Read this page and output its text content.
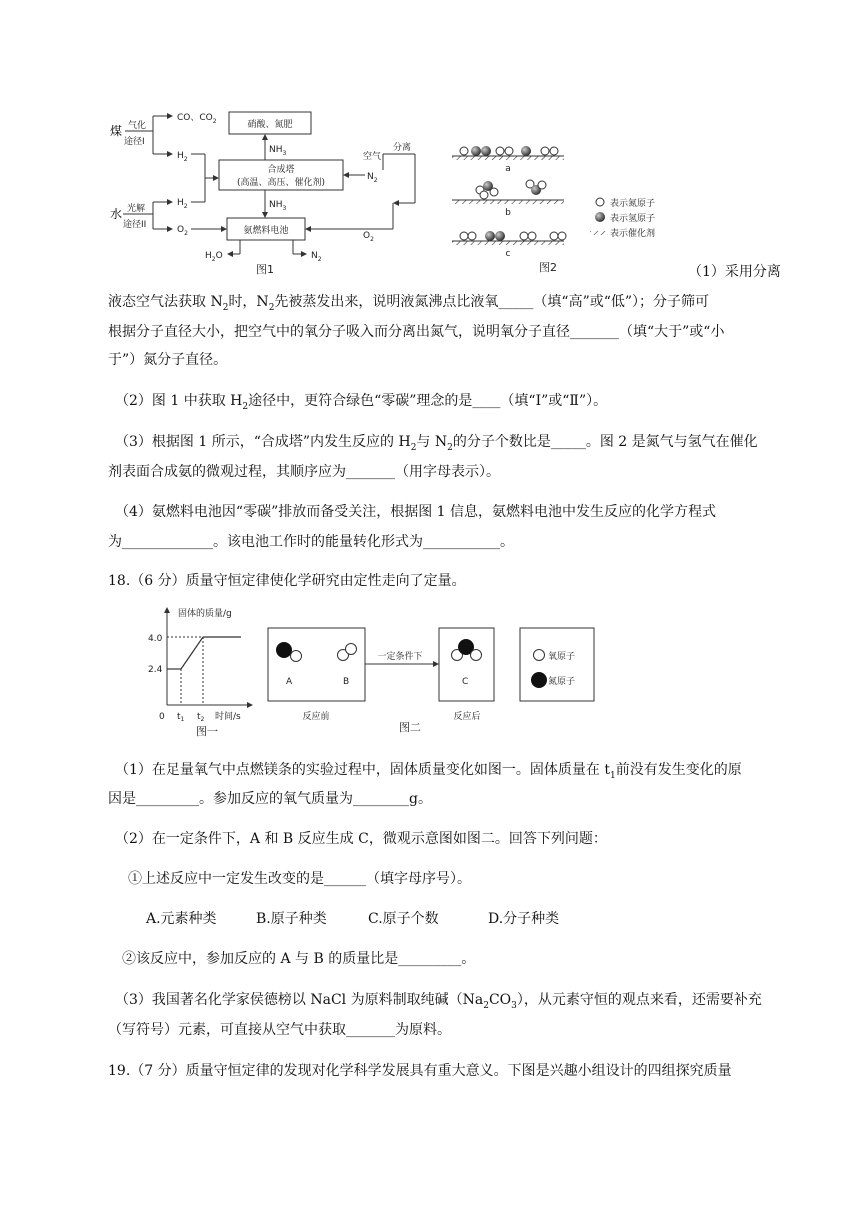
煤 气化
途径I
CO、$CO_2$
$H_2$
水 光解
途径II
$H_2$
$O_2$
硝酸、氮肥
$NH_3$
合成塔
(高温、高压、催化剂)
$N_2$
空气
分离
$NH_3$
氨燃料电池	$O_2$
$H_2O$	$N_2$
图1
a
b
c
表示氮原子
表示氢原子
表示催化剂
图2	（1）采用分离
液态空气法获取 $N_2$时，$N_2$先被蒸发出来，说明液氮沸点比液氧_____（填“高”或“低”）；分子筛可
根据分子直径大小，把空气中的氧分子吸入而分离出氮气，说明氧分子直径_______（填“大于”或“小
于”）氮分子直径。
（2）图 1 中获取 $H_2$途径中，更符合绿色“零碳”理念的是____（填“Ⅰ”或“Ⅱ”）。
（3）根据图 1 所示，“合成塔”内发生反应的 $H_2$与 $N_2$的分子个数比是_____。图 2 是氮气与氢气在催化
剂表面合成氨的微观过程，其顺序应为_______（用字母表示）。
（4）氨燃料电池因“零碳”排放而备受关注，根据图 1 信息，氨燃料电池中发生反应的化学方程式
为_____________。该电池工作时的能量转化形式为___________。
18.（6 分）质量守恒定律使化学研究由定性走向了定量。
固体的质量/g
4.0
2.4
0 $t_1$ $t_2$ 时间/s
图一
A	B
反应前
一定条件下
C
反应后
图二
氧原子
氮原子
（1）在足量氧气中点燃镁条的实验过程中，固体质量变化如图一。固体质量在 $t_1$前没有发生变化的原
因是_________。参加反应的氧气质量为________g。
（2）在一定条件下，A 和 B 反应生成 C，微观示意图如图二。回答下列问题：
①上述反应中一定发生改变的是______（填字母序号）。
A.元素种类	B.原子种类	C.原子个数	D.分子种类
②该反应中，参加反应的 A 与 B 的质量比是_________。
（3）我国著名化学家侯德榜以 NaCl 为原料制取纯碱$(Na_2CO_3)$，从元素守恒的观点来看，还需要补充
（写符号）元素，可直接从空气中获取_______为原料。
19.（7 分）质量守恒定律的发现对化学科学发展具有重大意义。下图是兴趣小组设计的四组探究质量
